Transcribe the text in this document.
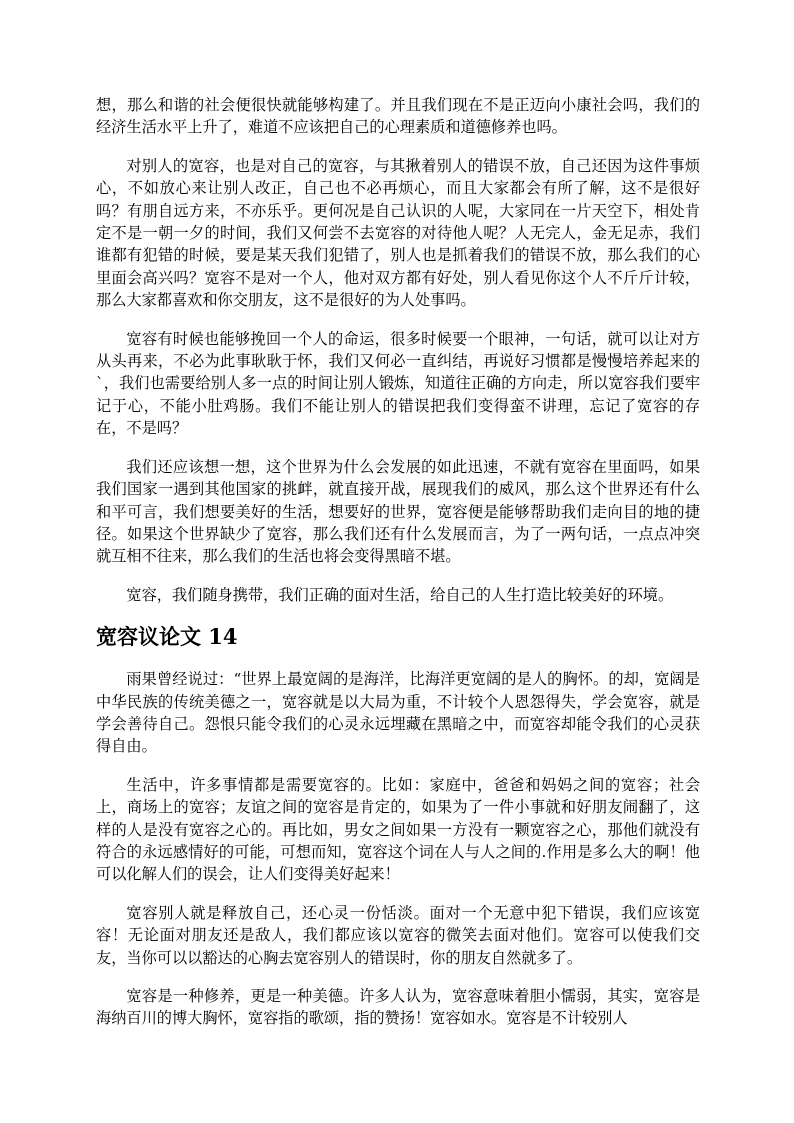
想，那么和谐的社会便很快就能够构建了。并且我们现在不是正迈向小康社会吗，我们的经济生活水平上升了，难道不应该把自己的心理素质和道德修养也吗。

对别人的宽容，也是对自己的宽容，与其揪着别人的错误不放，自己还因为这件事烦心，不如放心来让别人改正，自己也不必再烦心，而且大家都会有所了解，这不是很好吗？有朋自远方来，不亦乐乎。更何况是自己认识的人呢，大家同在一片天空下，相处肯定不是一朝一夕的时间，我们又何尝不去宽容的对待他人呢？人无完人，金无足赤，我们谁都有犯错的时候，要是某天我们犯错了，别人也是抓着我们的错误不放，那么我们的心里面会高兴吗？宽容不是对一个人，他对双方都有好处，别人看见你这个人不斤斤计较，那么大家都喜欢和你交朋友，这不是很好的为人处事吗。

宽容有时候也能够挽回一个人的命运，很多时候要一个眼神，一句话，就可以让对方从头再来，不必为此事耿耿于怀，我们又何必一直纠结，再说好习惯都是慢慢培养起来的`，我们也需要给别人多一点的时间让别人锻炼，知道往正确的方向走，所以宽容我们要牢记于心，不能小肚鸡肠。我们不能让别人的错误把我们变得蛮不讲理，忘记了宽容的存在，不是吗？

我们还应该想一想，这个世界为什么会发展的如此迅速，不就有宽容在里面吗，如果我们国家一遇到其他国家的挑衅，就直接开战，展现我们的威风，那么这个世界还有什么和平可言，我们想要美好的生活，想要好的世界，宽容便是能够帮助我们走向目的地的捷径。如果这个世界缺少了宽容，那么我们还有什么发展而言，为了一两句话，一点点冲突就互相不往来，那么我们的生活也将会变得黑暗不堪。

宽容，我们随身携带，我们正确的面对生活，给自己的人生打造比较美好的环境。

宽容议论文 14

雨果曾经说过：“世界上最宽阔的是海洋，比海洋更宽阔的是人的胸怀。的却，宽阔是中华民族的传统美德之一，宽容就是以大局为重，不计较个人恩怨得失，学会宽容，就是学会善待自己。怨恨只能令我们的心灵永远埋藏在黑暗之中，而宽容却能令我们的心灵获得自由。

生活中，许多事情都是需要宽容的。比如：家庭中，爸爸和妈妈之间的宽容；社会上，商场上的宽容；友谊之间的宽容是肯定的，如果为了一件小事就和好朋友闹翻了，这样的人是没有宽容之心的。再比如，男女之间如果一方没有一颗宽容之心，那他们就没有符合的永远感情好的可能，可想而知，宽容这个词在人与人之间的.作用是多么大的啊！他可以化解人们的误会，让人们变得美好起来！

宽容别人就是释放自己，还心灵一份恬淡。面对一个无意中犯下错误，我们应该宽容！无论面对朋友还是敌人，我们都应该以宽容的微笑去面对他们。宽容可以使我们交友，当你可以以豁达的心胸去宽容别人的错误时，你的朋友自然就多了。

宽容是一种修养，更是一种美德。许多人认为，宽容意味着胆小懦弱，其实，宽容是海纳百川的博大胸怀，宽容指的歌颂，指的赞扬！宽容如水。宽容是不计较别人
